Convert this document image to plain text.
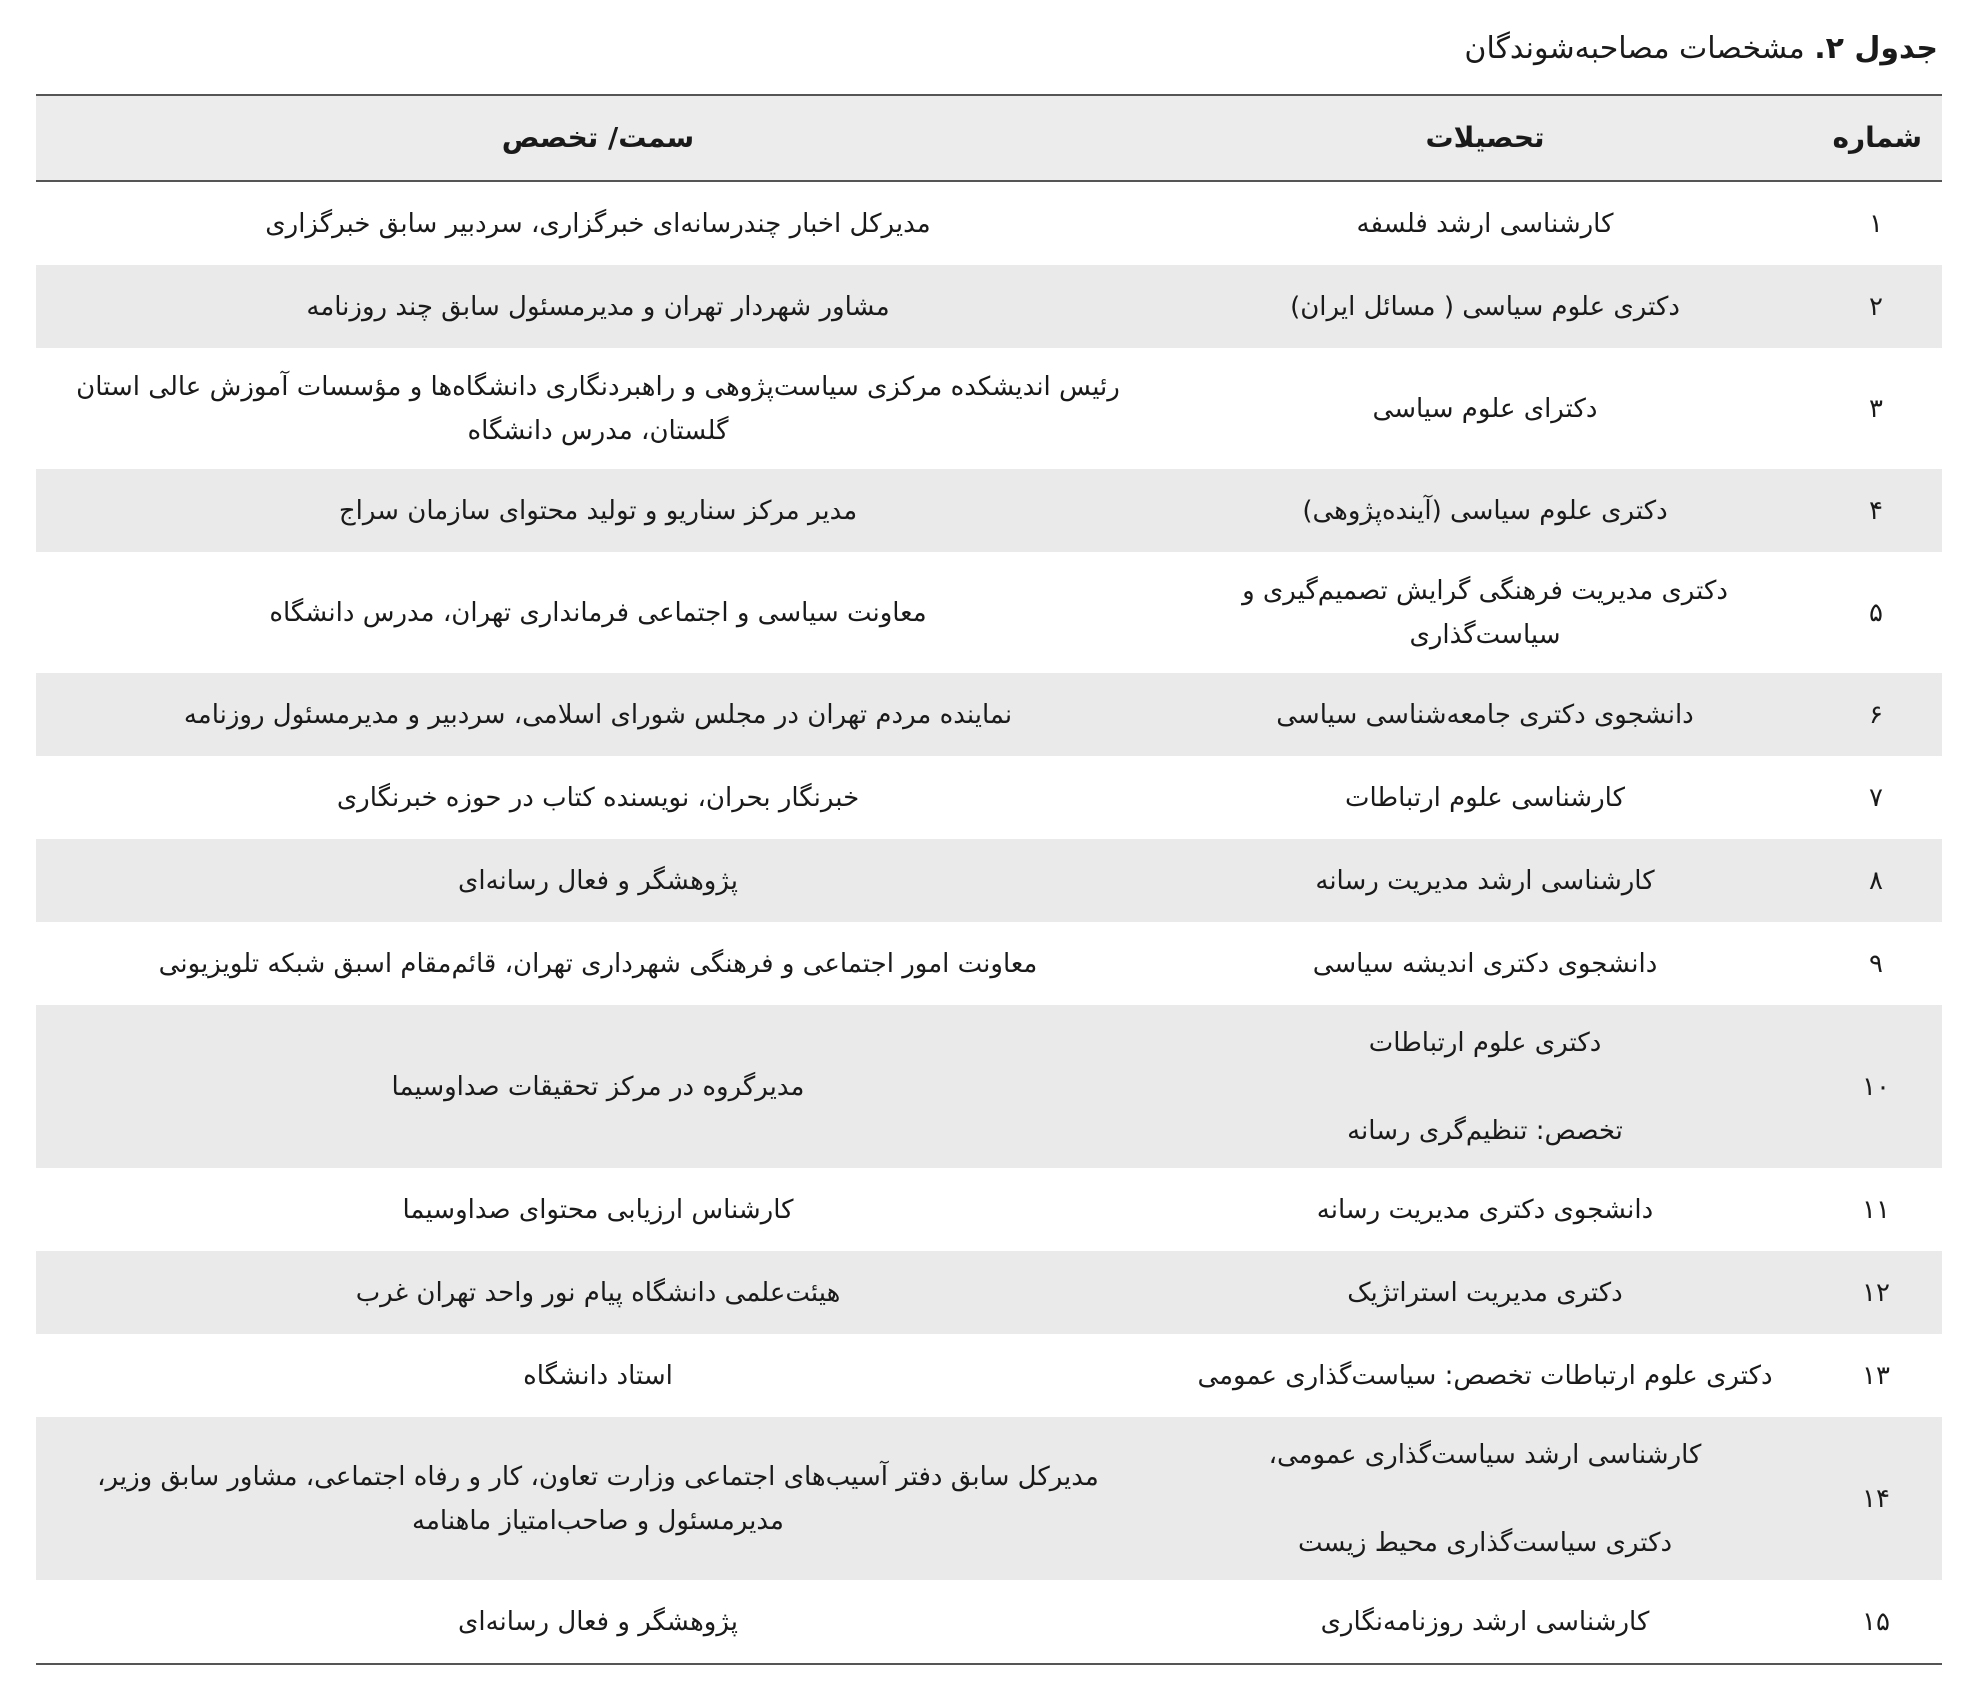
جدول ۲. مشخصات مصاحبه‌شوندگان
شماره
تحصیلات
سمت/ تخصص
۱
کارشناسی ارشد فلسفه
مدیرکل اخبار چندرسانه‌ای خبرگزاری، سردبیر سابق خبرگزاری
۲
دکتری علوم سیاسی ( مسائل ایران)
مشاور شهردار تهران و مدیرمسئول سابق چند روزنامه
۳
دکترای علوم سیاسی
رئیس اندیشکده مرکزی سیاست‌پژوهی و راهبردنگاری دانشگاه‌ها و مؤسسات آموزش عالی استان گلستان، مدرس دانشگاه
۴
دکتری علوم سیاسی (آینده‌پژوهی)
مدیر مرکز سناریو و تولید محتوای سازمان سراج
۵
دکتری مدیریت فرهنگی گرایش تصمیم‌گیری و سیاست‌گذاری
معاونت سیاسی و اجتماعی فرمانداری تهران، مدرس دانشگاه
۶
دانشجوی دکتری جامعه‌شناسی سیاسی
نماینده مردم تهران در مجلس شورای اسلامی، سردبیر و مدیرمسئول روزنامه
۷
کارشناسی علوم ارتباطات
خبرنگار بحران، نویسنده کتاب در حوزه خبرنگاری
۸
کارشناسی ارشد مدیریت رسانه
پژوهشگر و فعال رسانه‌ای
۹
دانشجوی دکتری اندیشه سیاسی
معاونت امور اجتماعی و فرهنگی شهرداری تهران، قائم‌مقام اسبق شبکه تلویزیونی
۱۰
دکتری علوم ارتباطات
تخصص: تنظیم‌گری رسانه
مدیرگروه در مرکز تحقیقات صداوسیما
۱۱
دانشجوی دکتری مدیریت رسانه
کارشناس ارزیابی محتوای صداوسیما
۱۲
دکتری مدیریت استراتژیک
هیئت‌علمی دانشگاه پیام نور واحد تهران غرب
۱۳
دکتری علوم ارتباطات تخصص: سیاست‌گذاری عمومی
استاد دانشگاه
۱۴
کارشناسی ارشد سیاست‌گذاری عمومی،
دکتری سیاست‌گذاری محیط زیست
مدیرکل سابق دفتر آسیب‌های اجتماعی وزارت تعاون، کار و رفاه اجتماعی، مشاور سابق وزیر، مدیرمسئول و صاحب‌امتیاز ماهنامه
۱۵
کارشناسی ارشد روزنامه‌نگاری
پژوهشگر و فعال رسانه‌ای
